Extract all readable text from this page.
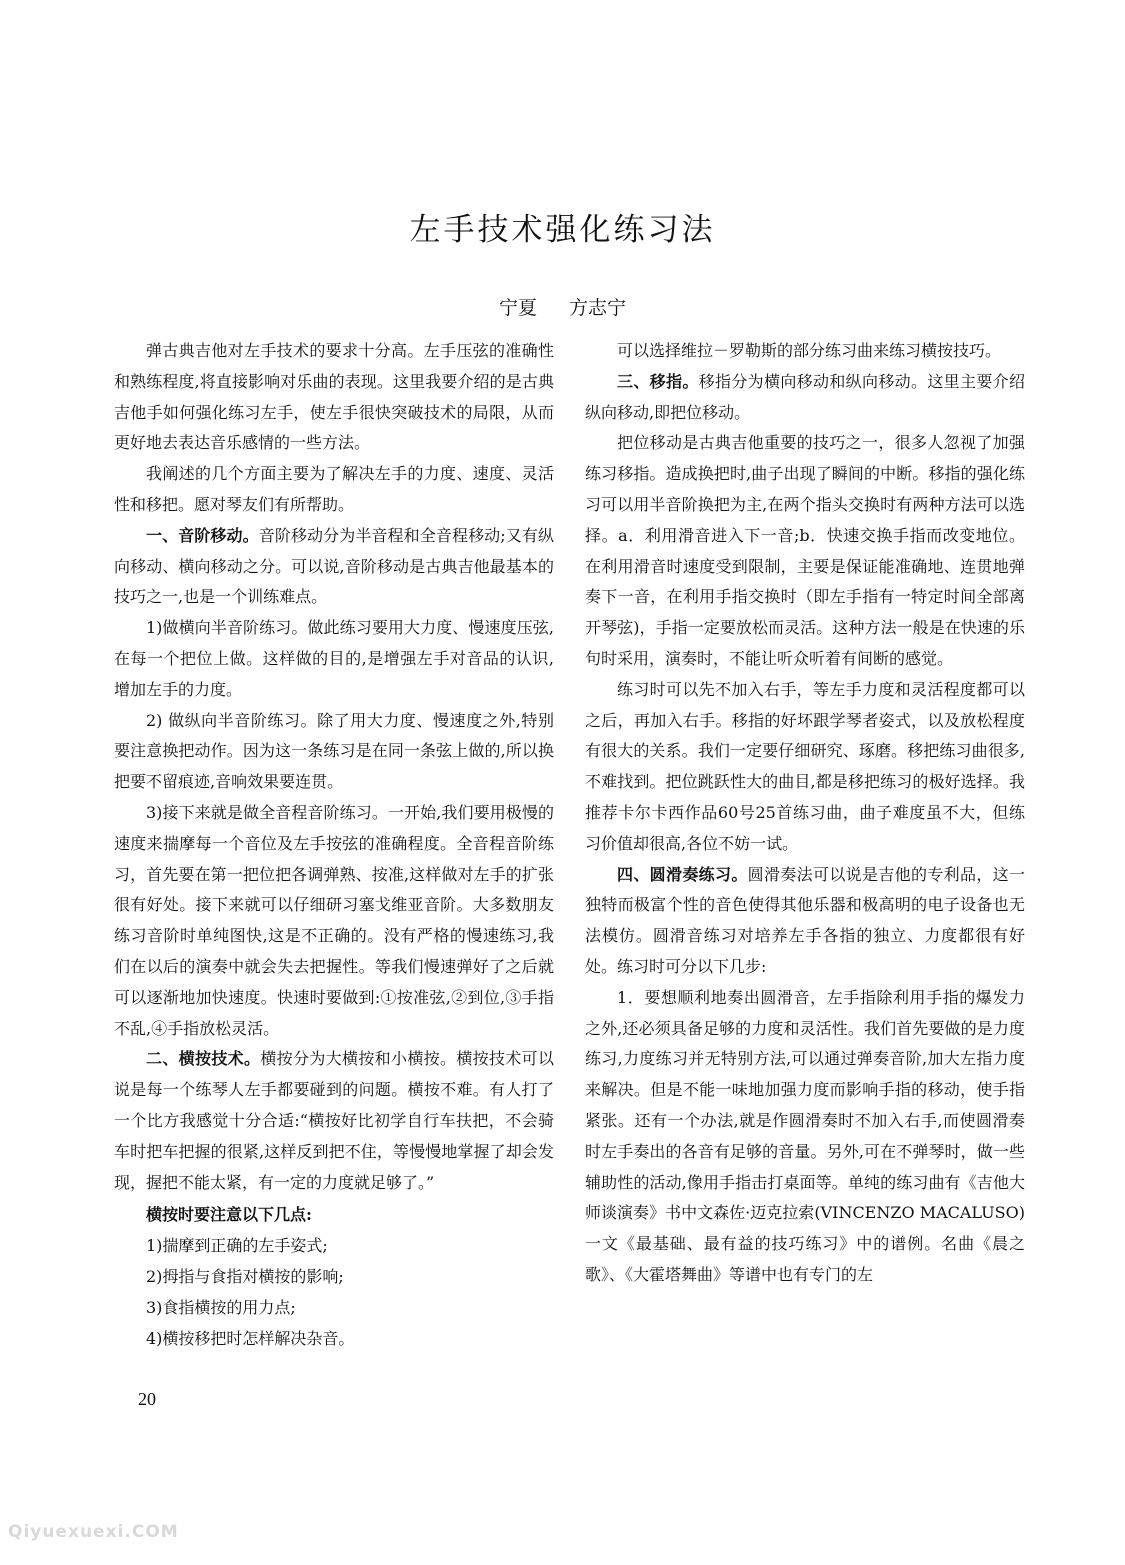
左手技术强化练习法
宁夏 方志宁

弹古典吉他对左手技术的要求十分高。左手压弦的准确性和熟练程度,将直接影响对乐曲的表现。这里我要介绍的是古典吉他手如何强化练习左手，使左手很快突破技术的局限，从而更好地去表达音乐感情的一些方法。

我阐述的几个方面主要为了解决左手的力度、速度、灵活性和移把。愿对琴友们有所帮助。

一、音阶移动。音阶移动分为半音程和全音程移动;又有纵向移动、横向移动之分。可以说,音阶移动是古典吉他最基本的技巧之一,也是一个训练难点。

1)做横向半音阶练习。做此练习要用大力度、慢速度压弦,在每一个把位上做。这样做的目的,是增强左手对音品的认识,增加左手的力度。

2) 做纵向半音阶练习。除了用大力度、慢速度之外,特别要注意换把动作。因为这一条练习是在同一条弦上做的,所以换把要不留痕迹,音响效果要连贯。

3)接下来就是做全音程音阶练习。一开始,我们要用极慢的速度来揣摩每一个音位及左手按弦的准确程度。全音程音阶练习，首先要在第一把位把各调弹熟、按准,这样做对左手的扩张很有好处。接下来就可以仔细研习塞戈维亚音阶。大多数朋友练习音阶时单纯图快,这是不正确的。没有严格的慢速练习,我们在以后的演奏中就会失去把握性。等我们慢速弹好了之后就可以逐渐地加快速度。快速时要做到:①按准弦,②到位,③手指不乱,④手指放松灵活。

二、横按技术。横按分为大横按和小横按。横按技术可以说是每一个练琴人左手都要碰到的问题。横按不难。有人打了一个比方我感觉十分合适:“横按好比初学自行车扶把，不会骑车时把车把握的很紧,这样反到把不住，等慢慢地掌握了却会发现，握把不能太紧，有一定的力度就足够了。”

横按时要注意以下几点:

1)揣摩到正确的左手姿式;

2)拇指与食指对横按的影响;

3)食指横按的用力点;

4)横按移把时怎样解决杂音。

可以选择维拉－罗勒斯的部分练习曲来练习横按技巧。

三、移指。移指分为横向移动和纵向移动。这里主要介绍纵向移动,即把位移动。

把位移动是古典吉他重要的技巧之一，很多人忽视了加强练习移指。造成换把时,曲子出现了瞬间的中断。移指的强化练习可以用半音阶换把为主,在两个指头交换时有两种方法可以选择。a．利用滑音进入下一音;b．快速交换手指而改变地位。在利用滑音时速度受到限制，主要是保证能准确地、连贯地弹奏下一音，在利用手指交换时（即左手指有一特定时间全部离开琴弦)，手指一定要放松而灵活。这种方法一般是在快速的乐句时采用，演奏时，不能让听众听着有间断的感觉。

练习时可以先不加入右手，等左手力度和灵活程度都可以之后，再加入右手。移指的好坏跟学琴者姿式，以及放松程度有很大的关系。我们一定要仔细研究、琢磨。移把练习曲很多,不难找到。把位跳跃性大的曲目,都是移把练习的极好选择。我推荐卡尔卡西作品60号25首练习曲，曲子难度虽不大，但练习价值却很高,各位不妨一试。

四、圆滑奏练习。圆滑奏法可以说是吉他的专利品，这一独特而极富个性的音色使得其他乐器和极高明的电子设备也无法模仿。圆滑音练习对培养左手各指的独立、力度都很有好处。练习时可分以下几步:

1．要想顺利地奏出圆滑音，左手指除利用手指的爆发力之外,还必须具备足够的力度和灵活性。我们首先要做的是力度练习,力度练习并无特别方法,可以通过弹奏音阶,加大左指力度来解决。但是不能一味地加强力度而影响手指的移动，使手指紧张。还有一个办法,就是作圆滑奏时不加入右手,而使圆滑奏时左手奏出的各音有足够的音量。另外,可在不弹琴时，做一些辅助性的活动,像用手指击打桌面等。单纯的练习曲有《吉他大师谈演奏》书中文森佐·迈克拉索(VINCENZO MACALUSO)一文《最基础、最有益的技巧练习》中的谱例。名曲《晨之歌》、《大霍塔舞曲》等谱中也有专门的左

20
Qiyuexuexi.COM
